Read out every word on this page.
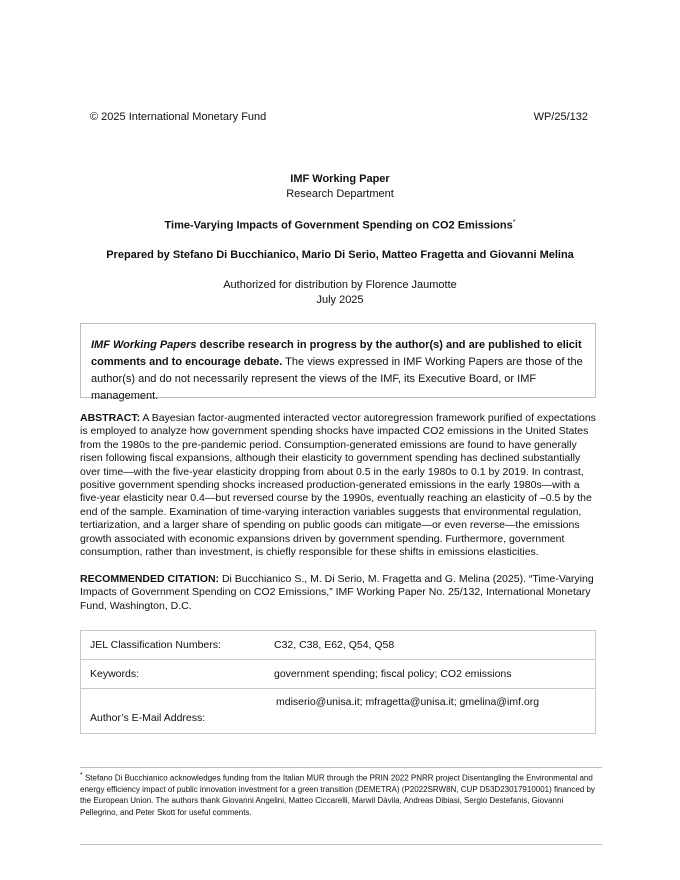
© 2025 International Monetary Fund	WP/25/132
IMF Working Paper
Research Department
Time-Varying Impacts of Government Spending on CO2 Emissions*
Prepared by Stefano Di Bucchianico, Mario Di Serio, Matteo Fragetta and Giovanni Melina
Authorized for distribution by Florence Jaumotte
July 2025
IMF Working Papers describe research in progress by the author(s) and are published to elicit comments and to encourage debate. The views expressed in IMF Working Papers are those of the author(s) and do not necessarily represent the views of the IMF, its Executive Board, or IMF management.
ABSTRACT: A Bayesian factor-augmented interacted vector autoregression framework purified of expectations is employed to analyze how government spending shocks have impacted CO2 emissions in the United States from the 1980s to the pre-pandemic period. Consumption-generated emissions are found to have generally risen following fiscal expansions, although their elasticity to government spending has declined substantially over time—with the five-year elasticity dropping from about 0.5 in the early 1980s to 0.1 by 2019. In contrast, positive government spending shocks increased production-generated emissions in the early 1980s—with a five-year elasticity near 0.4—but reversed course by the 1990s, eventually reaching an elasticity of –0.5 by the end of the sample. Examination of time-varying interaction variables suggests that environmental regulation, tertiarization, and a larger share of spending on public goods can mitigate—or even reverse—the emissions growth associated with economic expansions driven by government spending. Furthermore, government consumption, rather than investment, is chiefly responsible for these shifts in emissions elasticities.
RECOMMENDED CITATION: Di Bucchianico S., M. Di Serio, M. Fragetta and G. Melina (2025). “Time-Varying Impacts of Government Spending on CO2 Emissions,” IMF Working Paper No. 25/132, International Monetary Fund, Washington, D.C.
JEL Classification Numbers:	C32, C38, E62, Q54, Q58
Keywords:	government spending; fiscal policy; CO2 emissions
Author’s E-Mail Address:	mdiserio@unisa.it; mfragetta@unisa.it; gmelina@imf.org
* Stefano Di Bucchianico acknowledges funding from the Italian MUR through the PRIN 2022 PNRR project Disentangling the Environmental and energy efficiency impact of public innovation investment for a green transition (DEMETRA) (P2022SRW8N, CUP D53D23017910001) financed by the European Union. The authors thank Giovanni Angelini, Matteo Ciccarelli, Marwil Dávila, Andreas Dibiasi, Sergio Destefanis, Giovanni Pellegrino, and Peter Skott for useful comments.
